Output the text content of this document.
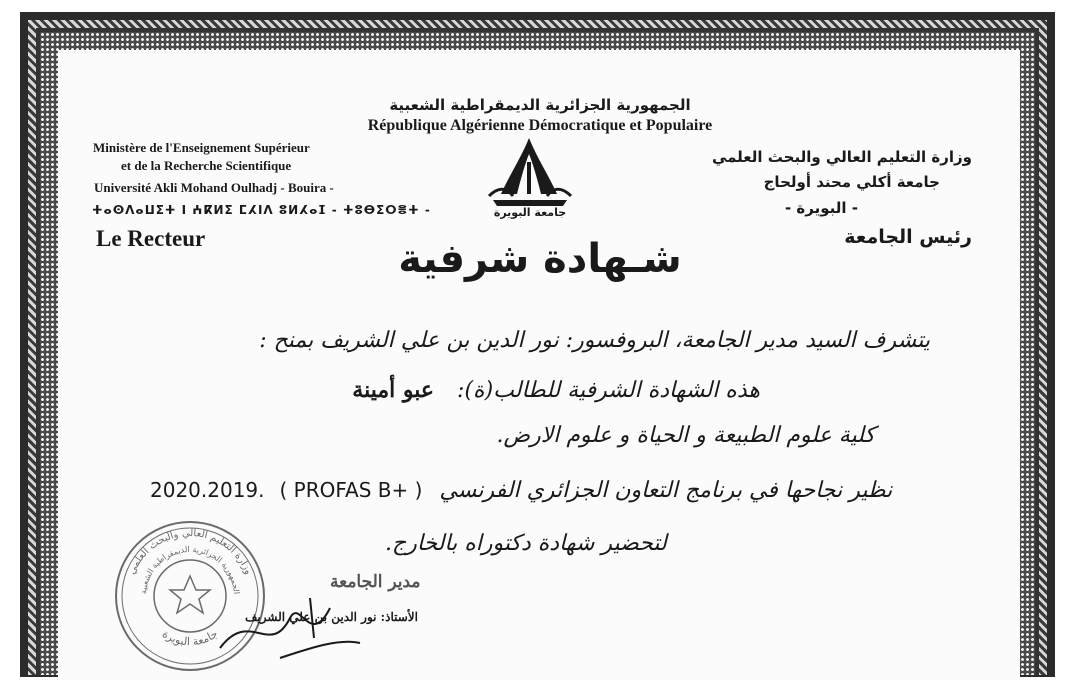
الجمهورية الجزائرية الديمقراطية الشعبية
République Algérienne Démocratique et Populaire
Ministère de l'Enseignement Supérieur
et de la Recherche Scientifique
Université Akli Mohand Oulhadj - Bouira -
ⵜⴰⵙⴷⴰⵡⵉⵜ ⵏ ⵄⴽⵍⵉ ⵎⵃⵏⴷ ⵓⵍⵃⴰⵊ - ⵜⵓⴱⵉⵔⴻⵜ -
Le Recteur
وزارة التعليم العالي والبحث العلمي
جامعة أكلي محند أولحاج
- البويرة -
رئيس الجامعة
جامعة البويرة
شـهادة شرفية
يتشرف السيد مدير الجامعة، البروفسور: نور الدين بن علي الشريف بمنح :
هذه الشهادة الشرفية للطالب(ة): عبو أمينة
كلية علوم الطبيعة و الحياة و علوم الارض.
2020.2019. ( PROFAS B+ ) نظير نجاحها في برنامج التعاون الجزائري الفرنسي
لتحضير شهادة دكتوراه بالخارج.
وزارة التعليم العالي والبحث العلمي
الجمهورية الجزائرية الديمقراطية الشعبية
جامعة البويرة
مدير الجامعة
الأستاذ: نور الدين بن علي الشريف
